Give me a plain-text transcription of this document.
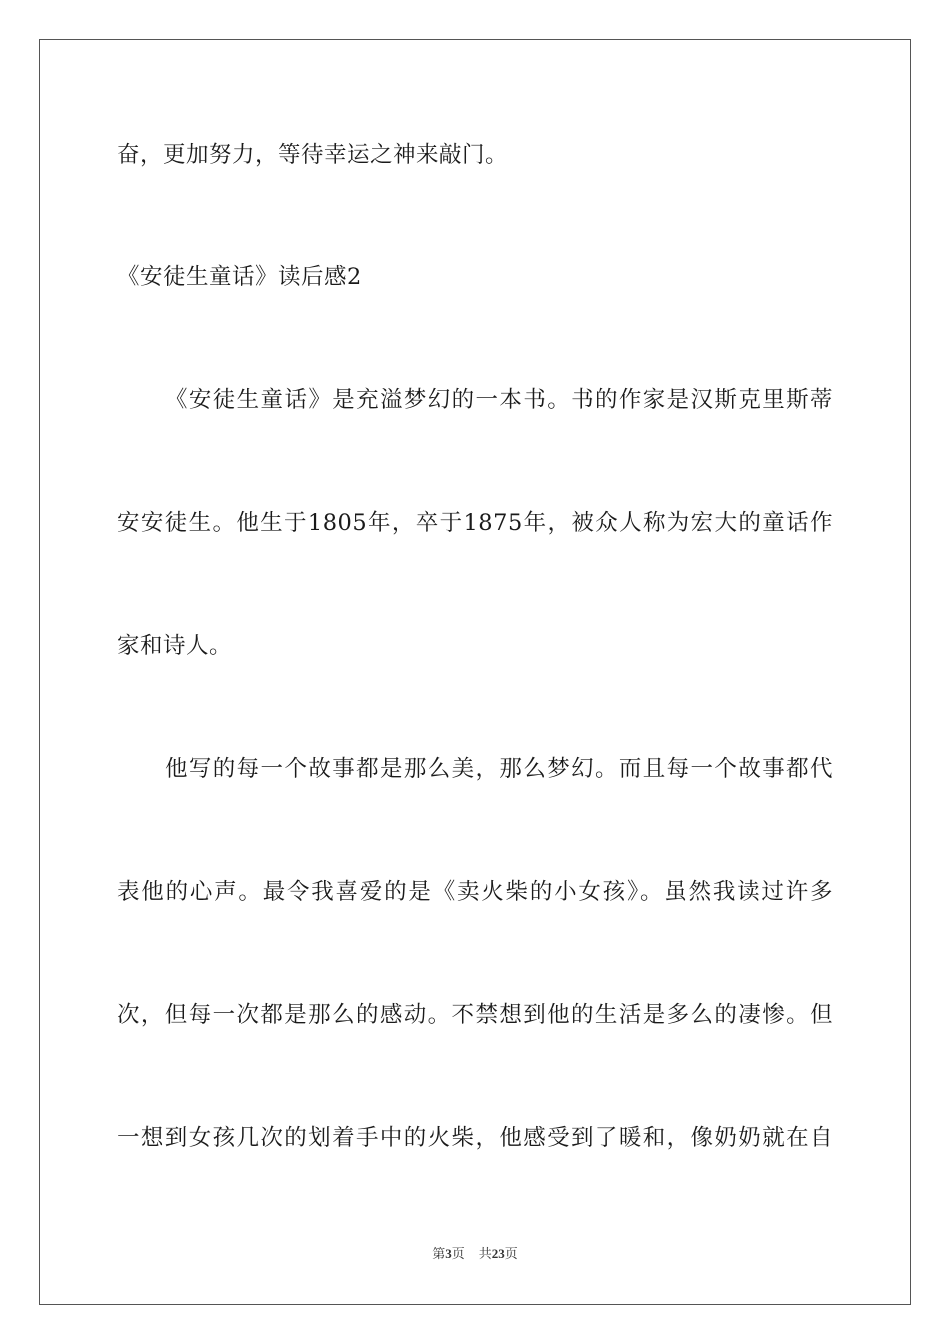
奋，更加努力，等待幸运之神来敲门。
《安徒生童话》读后感2
《安徒生童话》是充溢梦幻的一本书。书的作家是汉斯克里斯蒂
安安徒生。他生于1805年，卒于1875年，被众人称为宏大的童话作
家和诗人。
他写的每一个故事都是那么美，那么梦幻。而且每一个故事都代
表他的心声。最令我喜爱的是《卖火柴的小女孩》。虽然我读过许多
次，但每一次都是那么的感动。不禁想到他的生活是多么的凄惨。但
一想到女孩几次的划着手中的火柴，他感受到了暖和，像奶奶就在自
第3页 共23页
